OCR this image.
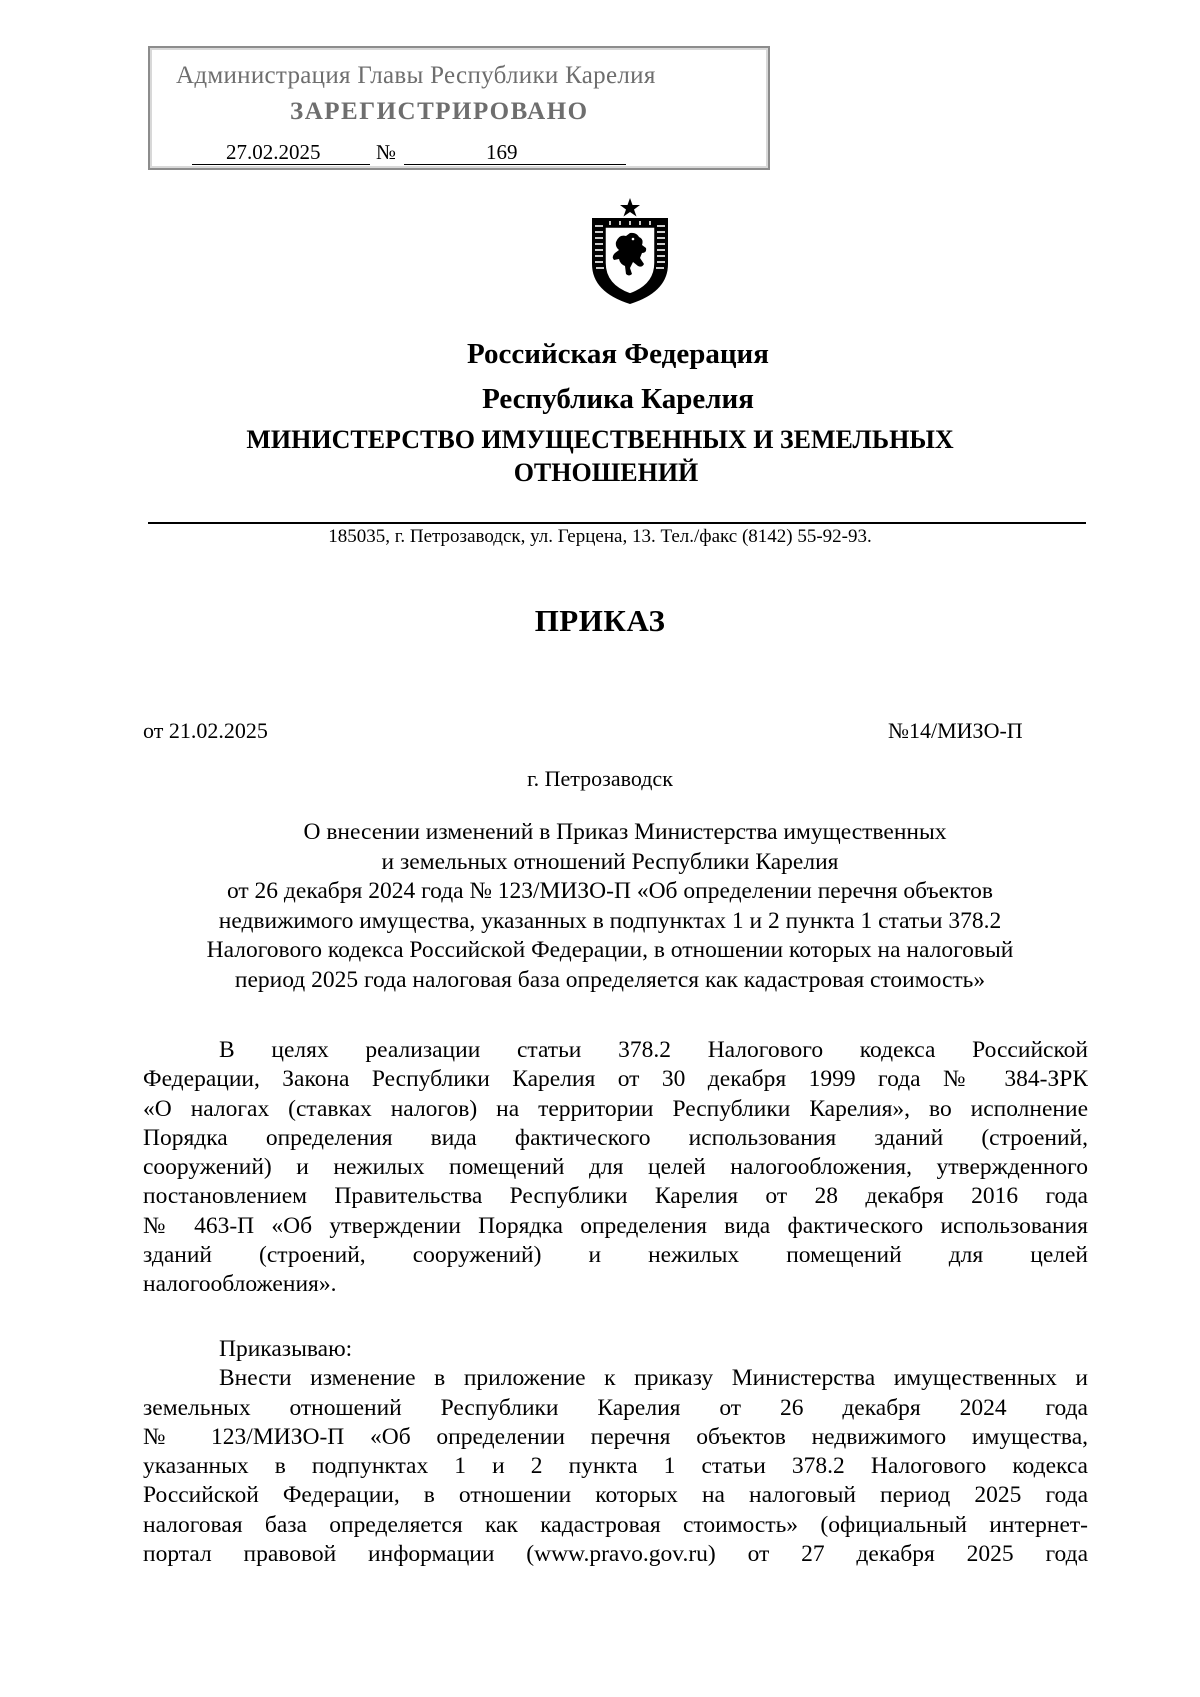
Администрация Главы Республики Карелия
ЗАРЕГИСТРИРОВАНО
27.02.2025	№	169
Российская Федерация
Республика Карелия
МИНИСТЕРСТВО ИМУЩЕСТВЕННЫХ И ЗЕМЕЛЬНЫХ
ОТНОШЕНИЙ
185035, г. Петрозаводск, ул. Герцена, 13. Тел./факс (8142) 55-92-93.
ПРИКАЗ
от 21.02.2025	№14/МИЗО-П
г. Петрозаводск
О внесении изменений в Приказ Министерства имущественных
и земельных отношений Республики Карелия
от 26 декабря 2024 года № 123/МИЗО-П «Об определении перечня объектов
недвижимого имущества, указанных в подпунктах 1 и 2 пункта 1 статьи 378.2
Налогового кодекса Российской Федерации, в отношении которых на налоговый
период 2025 года налоговая база определяется как кадастровая стоимость»
В целях реализации статьи 378.2 Налогового кодекса Российской
Федерации, Закона Республики Карелия от 30 декабря 1999 года № 384-ЗРК
«О налогах (ставках налогов) на территории Республики Карелия», во исполнение
Порядка определения вида фактического использования зданий (строений,
сооружений) и нежилых помещений для целей налогообложения, утвержденного
постановлением Правительства Республики Карелия от 28 декабря 2016 года
№ 463-П «Об утверждении Порядка определения вида фактического использования
зданий (строений, сооружений) и нежилых помещений для целей
налогообложения».
Приказываю:
Внести изменение в приложение к приказу Министерства имущественных и
земельных отношений Республики Карелия от 26 декабря 2024 года
№ 123/МИЗО-П «Об определении перечня объектов недвижимого имущества,
указанных в подпунктах 1 и 2 пункта 1 статьи 378.2 Налогового кодекса
Российской Федерации, в отношении которых на налоговый период 2025 года
налоговая база определяется как кадастровая стоимость» (официальный интернет-
портал правовой информации (www.pravo.gov.ru) от 27 декабря 2025 года
